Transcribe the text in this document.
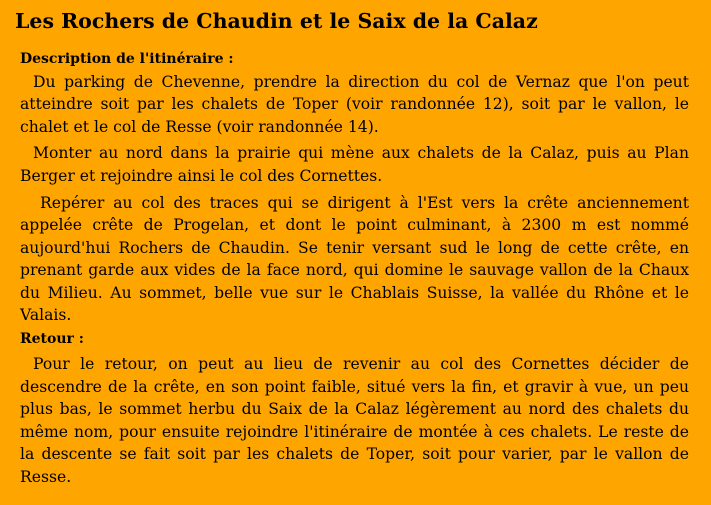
Les Rochers de Chaudin et le Saix de la Calaz
Description de l'itinéraire :

Du parking de Chevenne, prendre la direction du col de Vernaz que l'on peut atteindre soit par les chalets de Toper (voir randonnée 12), soit par le vallon, le chalet et le col de Resse (voir randonnée 14).

Monter au nord dans la prairie qui mène aux chalets de la Calaz, puis au Plan Berger et rejoindre ainsi le col des Cornettes.

Repérer au col des traces qui se dirigent à l'Est vers la crête anciennement appelée crête de Progelan, et dont le point culminant, à 2300 m est nommé aujourd'hui Rochers de Chaudin. Se tenir versant sud le long de cette crête, en prenant garde aux vides de la face nord, qui domine le sauvage vallon de la Chaux du Milieu. Au sommet, belle vue sur le Chablais Suisse, la vallée du Rhône et le Valais.

Retour :

Pour le retour, on peut au lieu de revenir au col des Cornettes décider de descendre de la crête, en son point faible, situé vers la fin, et gravir à vue, un peu plus bas, le sommet herbu du Saix de la Calaz légèrement au nord des chalets du même nom, pour ensuite rejoindre l'itinéraire de montée à ces chalets. Le reste de la descente se fait soit par les chalets de Toper, soit pour varier, par le vallon de Resse.
